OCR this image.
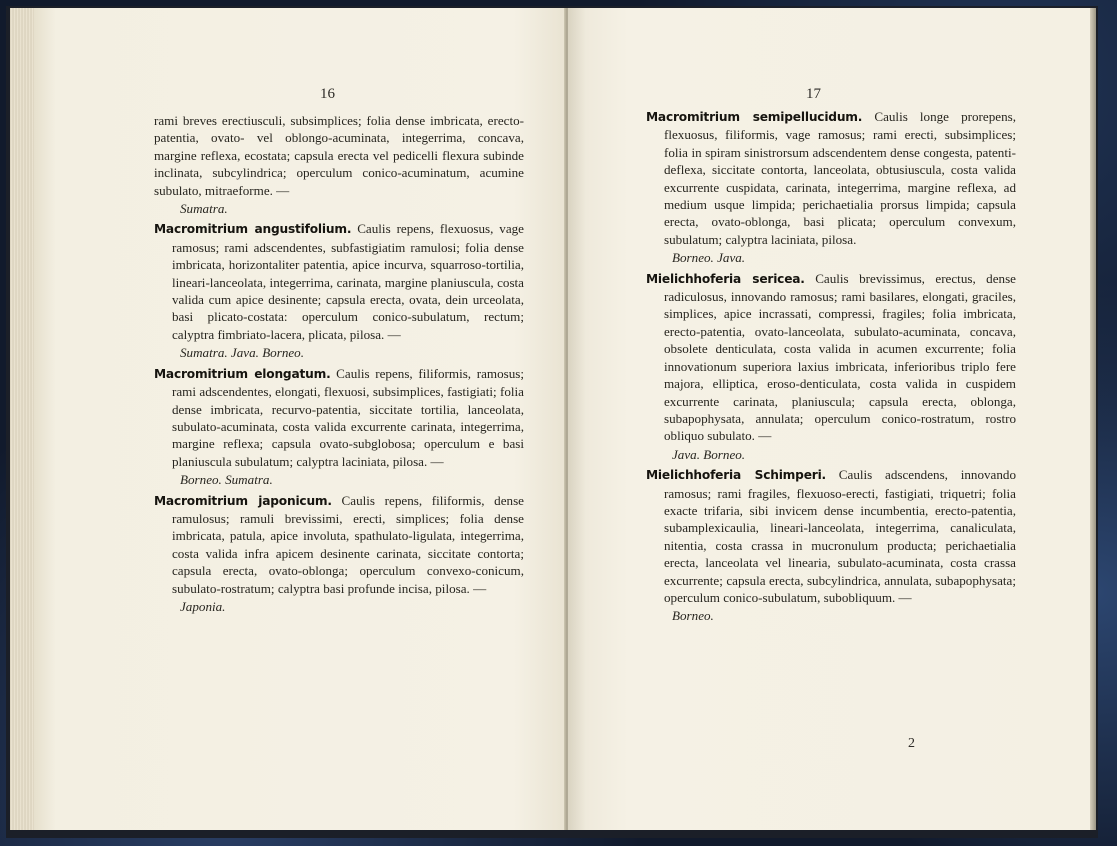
16
rami breves erectiusculi, subsimplices; folia dense imbricata, erecto-patentia, ovato- vel oblongo-acuminata, integerrima, concava, margine reflexa, ecostata; capsula erecta vel pedicelli flexura subinde inclinata, subcylindrica; operculum conico-acuminatum, acumine subulato, mitraeforme. —
Sumatra.
Macromitrium angustifolium. Caulis repens, flexuosus, vage ramosus; rami adscendentes, subfastigiatim ramulosi; folia dense imbricata, horizontaliter patentia, apice incurva, squarroso-tortilia, lineari-lanceolata, integerrima, carinata, margine planiuscula, costa valida cum apice desinente; capsula erecta, ovata, dein urceolata, basi plicato-costata: operculum conico-subulatum, rectum; calyptra fimbriato-lacera, plicata, pilosa. —
Sumatra. Java. Borneo.
Macromitrium elongatum. Caulis repens, filiformis, ramosus; rami adscendentes, elongati, flexuosi, subsimplices, fastigiati; folia dense imbricata, recurvo-patentia, siccitate tortilia, lanceolata, subulato-acuminata, costa valida excurrente carinata, integerrima, margine reflexa; capsula ovato-subglobosa; operculum e basi planiuscula subulatum; calyptra laciniata, pilosa. —
Borneo. Sumatra.
Macromitrium japonicum. Caulis repens, filiformis, dense ramulosus; ramuli brevissimi, erecti, simplices; folia dense imbricata, patula, apice involuta, spathulato-ligulata, integerrima, costa valida infra apicem desinente carinata, siccitate contorta; capsula erecta, ovato-oblonga; operculum convexo-conicum, subulato-rostratum; calyptra basi profunde incisa, pilosa. —
Japonia.
17
Macromitrium semipellucidum. Caulis longe prorepens, flexuosus, filiformis, vage ramosus; rami erecti, subsimplices; folia in spiram sinistrorsum adscendentem dense congesta, patenti-deflexa, siccitate contorta, lanceolata, obtusiuscula, costa valida excurrente cuspidata, carinata, integerrima, margine reflexa, ad medium usque limpida; perichaetialia prorsus limpida; capsula erecta, ovato-oblonga, basi plicata; operculum convexum, subulatum; calyptra laciniata, pilosa.
Borneo. Java.
Mielichhoferia sericea. Caulis brevissimus, erectus, dense radiculosus, innovando ramosus; rami basilares, elongati, graciles, simplices, apice incrassati, compressi, fragiles; folia imbricata, erecto-patentia, ovato-lanceolata, subulato-acuminata, concava, obsolete denticulata, costa valida in acumen excurrente; folia innovationum superiora laxius imbricata, inferioribus triplo fere majora, elliptica, eroso-denticulata, costa valida in cuspidem excurrente carinata, planiuscula; capsula erecta, oblonga, subapophysata, annulata; operculum conico-rostratum, rostro obliquo subulato. —
Java. Borneo.
Mielichhoferia Schimperi. Caulis adscendens, innovando ramosus; rami fragiles, flexuoso-erecti, fastigiati, triquetri; folia exacte trifaria, sibi invicem dense incumbentia, erecto-patentia, subamplexicaulia, lineari-lanceolata, integerrima, canaliculata, nitentia, costa crassa in mucronulum producta; perichaetialia erecta, lanceolata vel linearia, subulato-acuminata, costa crassa excurrente; capsula erecta, subcylindrica, annulata, subapophysata; operculum conico-subulatum, subobliquum. —
Borneo.
2
